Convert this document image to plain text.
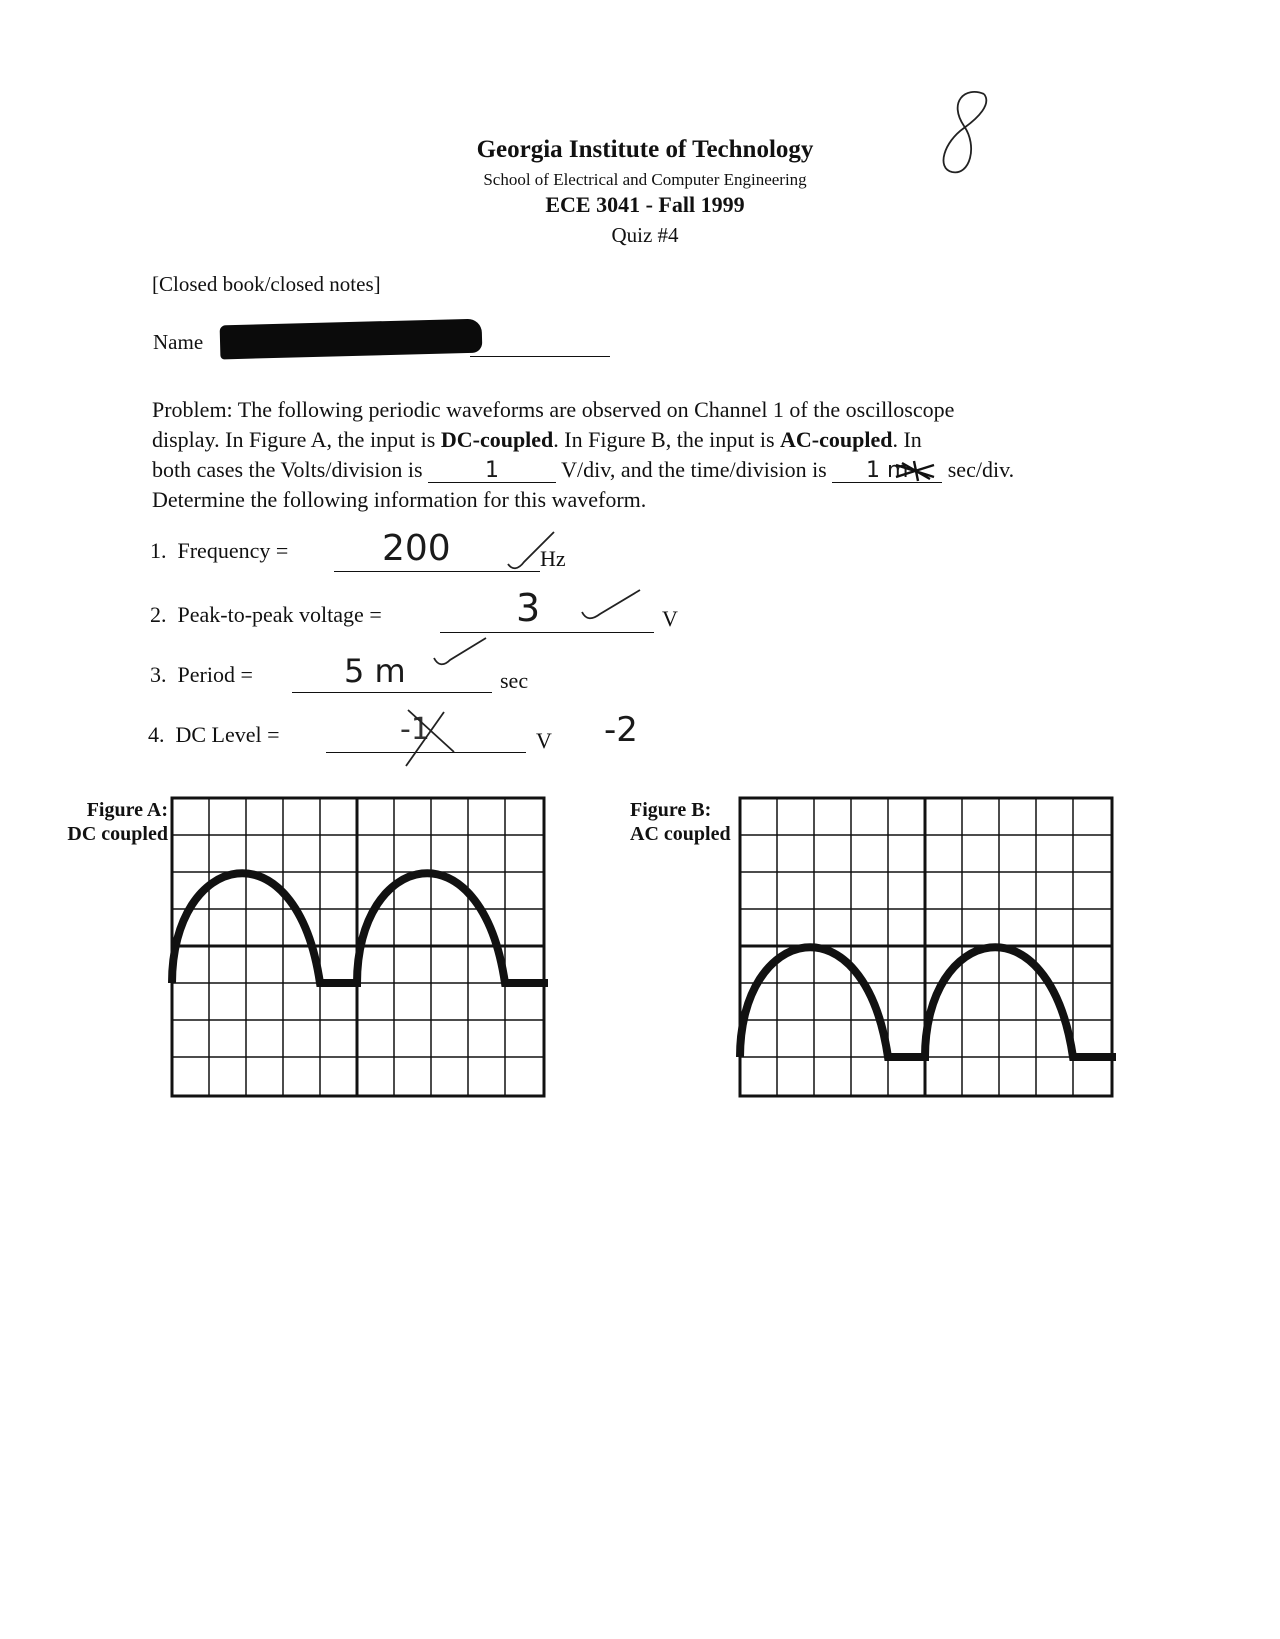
Georgia Institute of Technology
School of Electrical and Computer Engineering
ECE 3041 - Fall 1999
Quiz #4
[Closed book/closed notes]
Name
Problem: The following periodic waveforms are observed on Channel 1 of the oscilloscope
display. In Figure A, the input is DC-coupled. In Figure B, the input is AC-coupled. In
both cases the Volts/division is	1	V/div, and the time/division is 1 m
sec/div.
Determine the following information for this waveform.
1. Frequency =	200	Hz
2. Peak-to-peak voltage =	3	V
3. Period =	5 m	sec
4. DC Level =	-1	V -2
Figure A:
DC coupled
Figure B:
AC coupled
